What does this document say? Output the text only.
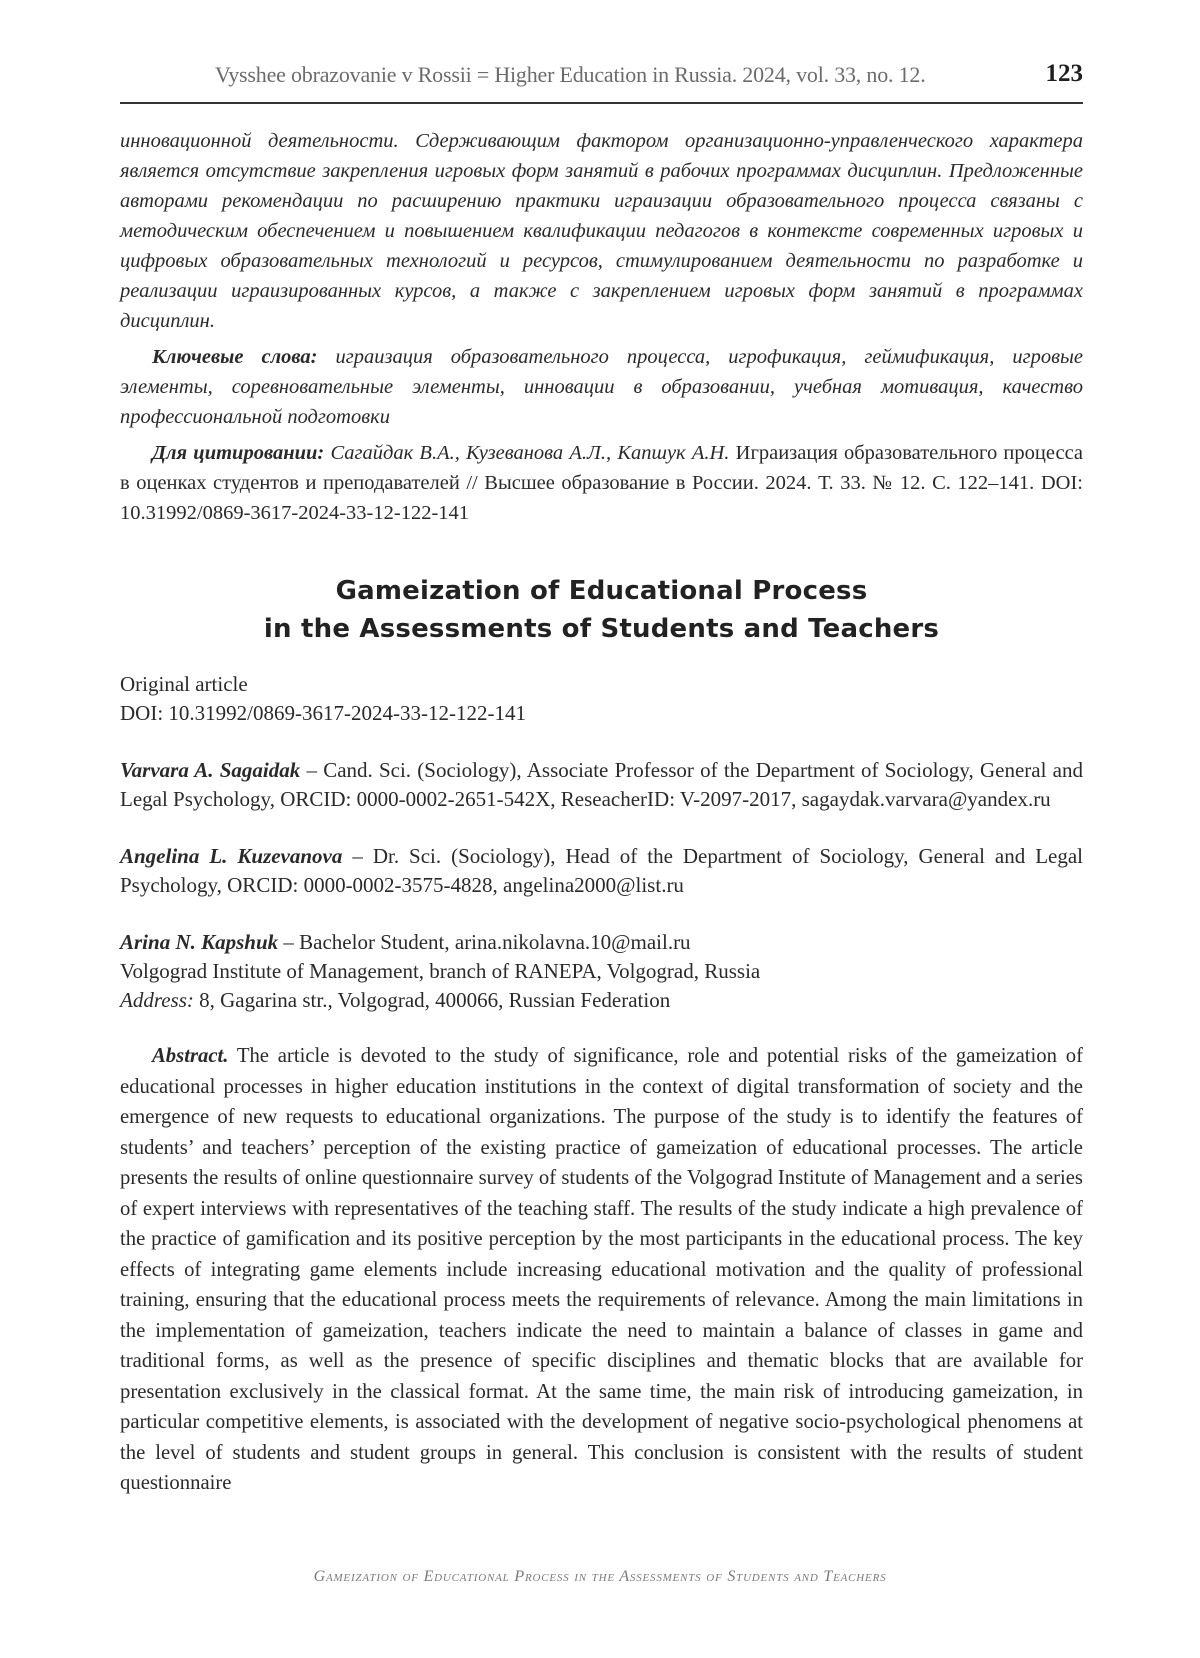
Vysshee obrazovanie v Rossii = Higher Education in Russia. 2024, vol. 33, no. 12.	123

инновационной деятельности. Сдерживающим фактором организационно-управленческого характера является отсутствие закрепления игровых форм занятий в рабочих программах дисциплин. Предложенные авторами рекомендации по расширению практики играизации образовательного процесса связаны с методическим обеспечением и повышением квалификации педагогов в контексте современных игровых и цифровых образовательных технологий и ресурсов, стимулированием деятельности по разработке и реализации играизированных курсов, а также с закреплением игровых форм занятий в программах дисциплин.

Ключевые слова: играизация образовательного процесса, игрофикация, геймификация, игровые элементы, соревновательные элементы, инновации в образовании, учебная мотивация, качество профессиональной подготовки

Для цитировании: Сагайдак В.А., Кузеванова А.Л., Капшук А.Н. Играизация образовательного процесса в оценках студентов и преподавателей // Высшее образование в России. 2024. Т. 33. № 12. С. 122–141. DOI: 10.31992/0869-3617-2024-33-12-122-141

Gameization of Educational Process
in the Assessments of Students and Teachers
Original article
DOI: 10.31992/0869-3617-2024-33-12-122-141

Varvara A. Sagaidak – Cand. Sci. (Sociology), Associate Professor of the Department of Sociology, General and Legal Psychology, ORCID: 0000-0002-2651-542X, ReseacherID: V-2097-2017, sagaydak.varvara@yandex.ru

Angelina L. Kuzevanova – Dr. Sci. (Sociology), Head of the Department of Sociology, General and Legal Psychology, ORCID: 0000-0002-3575-4828, angelina2000@list.ru

Arina N. Kapshuk – Bachelor Student, arina.nikolavna.10@mail.ru

Volgograd Institute of Management, branch of RANEPA, Volgograd, Russia
Address: 8, Gagarina str., Volgograd, 400066, Russian Federation

Abstract. The article is devoted to the study of significance, role and potential risks of the gameization of educational processes in higher education institutions in the context of digital transformation of society and the emergence of new requests to educational organizations. The purpose of the study is to identify the features of students’ and teachers’ perception of the existing practice of gameization of educational processes. The article presents the results of online questionnaire survey of students of the Volgograd Institute of Management and a series of expert interviews with representatives of the teaching staff. The results of the study indicate a high prevalence of the practice of gamification and its positive perception by the most participants in the educational process. The key effects of integrating game elements include increasing educational motivation and the quality of professional training, ensuring that the educational process meets the requirements of relevance. Among the main limitations in the implementation of gameization, teachers indicate the need to maintain a balance of classes in game and traditional forms, as well as the presence of specific disciplines and thematic blocks that are available for presentation exclusively in the classical format. At the same time, the main risk of introducing gameization, in particular competitive elements, is associated with the development of negative socio-psychological phenomens at the level of students and student groups in general. This conclusion is consistent with the results of student questionnaire

Gameization of Educational Process in the Assessments of Students and Teachers
